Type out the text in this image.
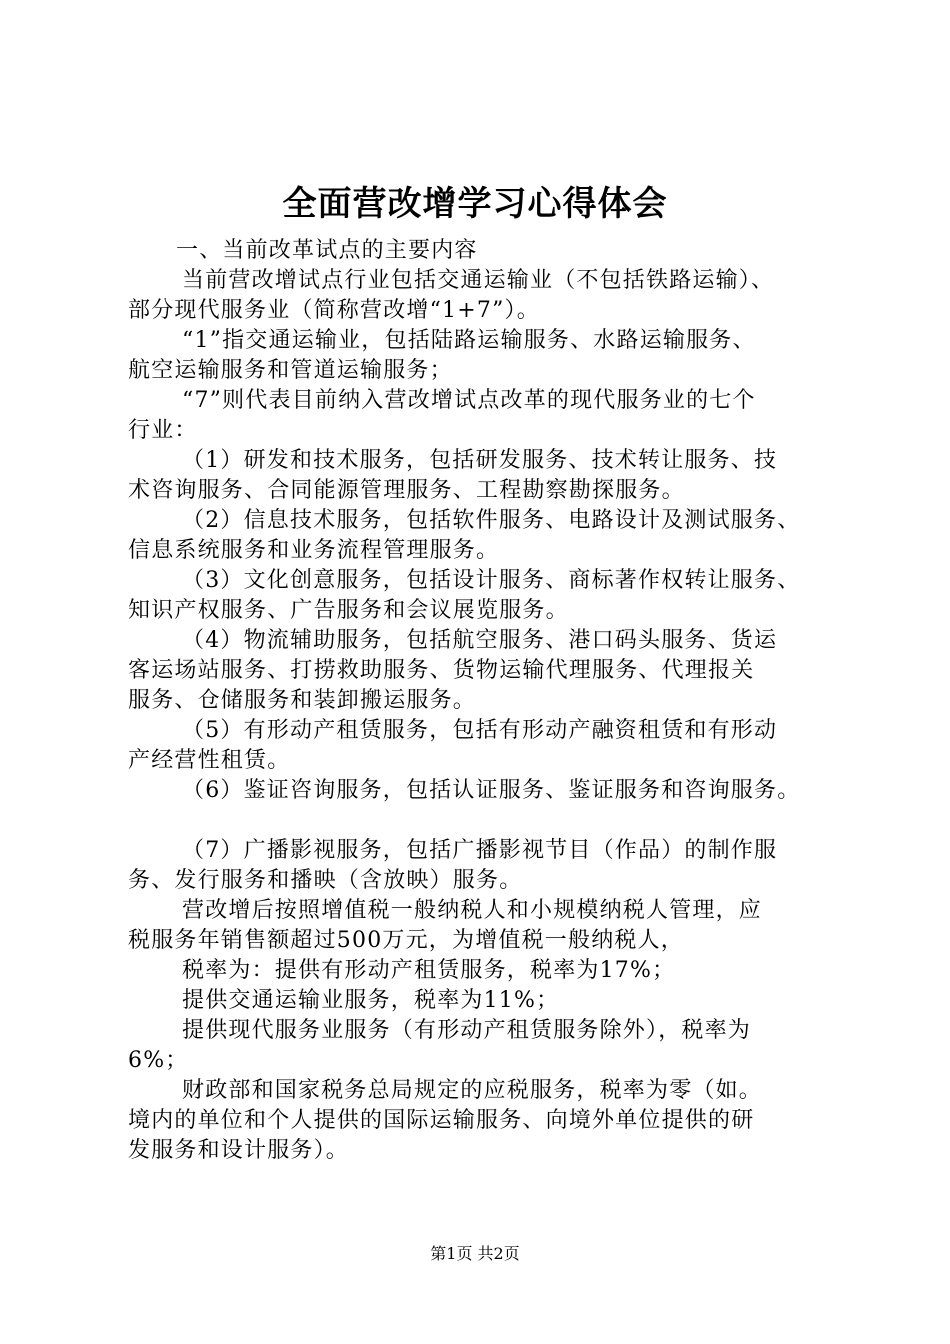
全面营改增学习心得体会
一、当前改革试点的主要内容
当前营改增试点行业包括交通运输业（不包括铁路运输）、
部分现代服务业（简称营改增“1+7”）。
“1”指交通运输业，包括陆路运输服务、水路运输服务、
航空运输服务和管道运输服务；
“7”则代表目前纳入营改增试点改革的现代服务业的七个
行业：
（1）研发和技术服务，包括研发服务、技术转让服务、技
术咨询服务、合同能源管理服务、工程勘察勘探服务。
（2）信息技术服务，包括软件服务、电路设计及测试服务、
信息系统服务和业务流程管理服务。
（3）文化创意服务，包括设计服务、商标著作权转让服务、
知识产权服务、广告服务和会议展览服务。
（4）物流辅助服务，包括航空服务、港口码头服务、货运
客运场站服务、打捞救助服务、货物运输代理服务、代理报关
服务、仓储服务和装卸搬运服务。
（5）有形动产租赁服务，包括有形动产融资租赁和有形动
产经营性租赁。
（6）鉴证咨询服务，包括认证服务、鉴证服务和咨询服务。
（7）广播影视服务，包括广播影视节目（作品）的制作服
务、发行服务和播映（含放映）服务。
营改增后按照增值税一般纳税人和小规模纳税人管理，应
税服务年销售额超过500万元，为增值税一般纳税人，
税率为：提供有形动产租赁服务，税率为17%；
提供交通运输业服务，税率为11%；
提供现代服务业服务（有形动产租赁服务除外），税率为
6%；
财政部和国家税务总局规定的应税服务，税率为零（如。
境内的单位和个人提供的国际运输服务、向境外单位提供的研
发服务和设计服务）。
第1页 共2页
